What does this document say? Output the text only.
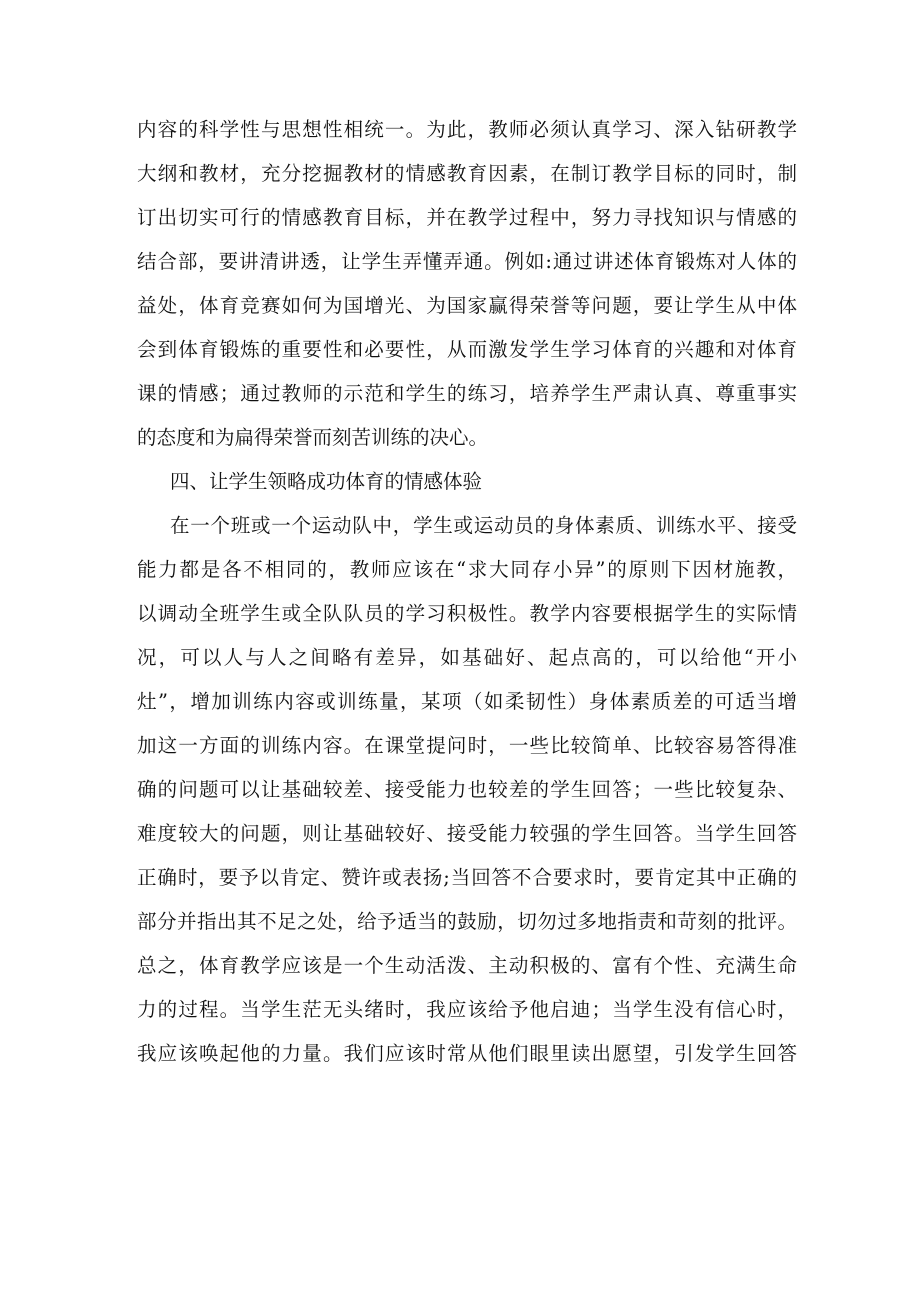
内容的科学性与思想性相统一。为此，教师必须认真学习、深入钻研教学
大纲和教材，充分挖掘教材的情感教育因素，在制订教学目标的同时，制
订出切实可行的情感教育目标，并在教学过程中，努力寻找知识与情感的
结合部，要讲清讲透，让学生弄懂弄通。例如:通过讲述体育锻炼对人体的
益处，体育竞赛如何为国增光、为国家赢得荣誉等问题，要让学生从中体
会到体育锻炼的重要性和必要性，从而激发学生学习体育的兴趣和对体育
课的情感；通过教师的示范和学生的练习，培养学生严肃认真、尊重事实
的态度和为扁得荣誉而刻苦训练的决心。
四、让学生领略成功体育的情感体验
在一个班或一个运动队中，学生或运动员的身体素质、训练水平、接受
能力都是各不相同的，教师应该在“求大同存小异”的原则下因材施教，
以调动全班学生或全队队员的学习积极性。教学内容要根据学生的实际情
况，可以人与人之间略有差异，如基础好、起点高的，可以给他“开小
灶”，增加训练内容或训练量，某项（如柔韧性）身体素质差的可适当增
加这一方面的训练内容。在课堂提问时，一些比较简单、比较容易答得准
确的问题可以让基础较差、接受能力也较差的学生回答；一些比较复杂、
难度较大的问题，则让基础较好、接受能力较强的学生回答。当学生回答
正确时，要予以肯定、赞许或表扬;当回答不合要求时，要肯定其中正确的
部分并指出其不足之处，给予适当的鼓励，切勿过多地指责和苛刻的批评。
总之，体育教学应该是一个生动活泼、主动积极的、富有个性、充满生命
力的过程。当学生茫无头绪时，我应该给予他启迪；当学生没有信心时，
我应该唤起他的力量。我们应该时常从他们眼里读出愿望，引发学生回答
